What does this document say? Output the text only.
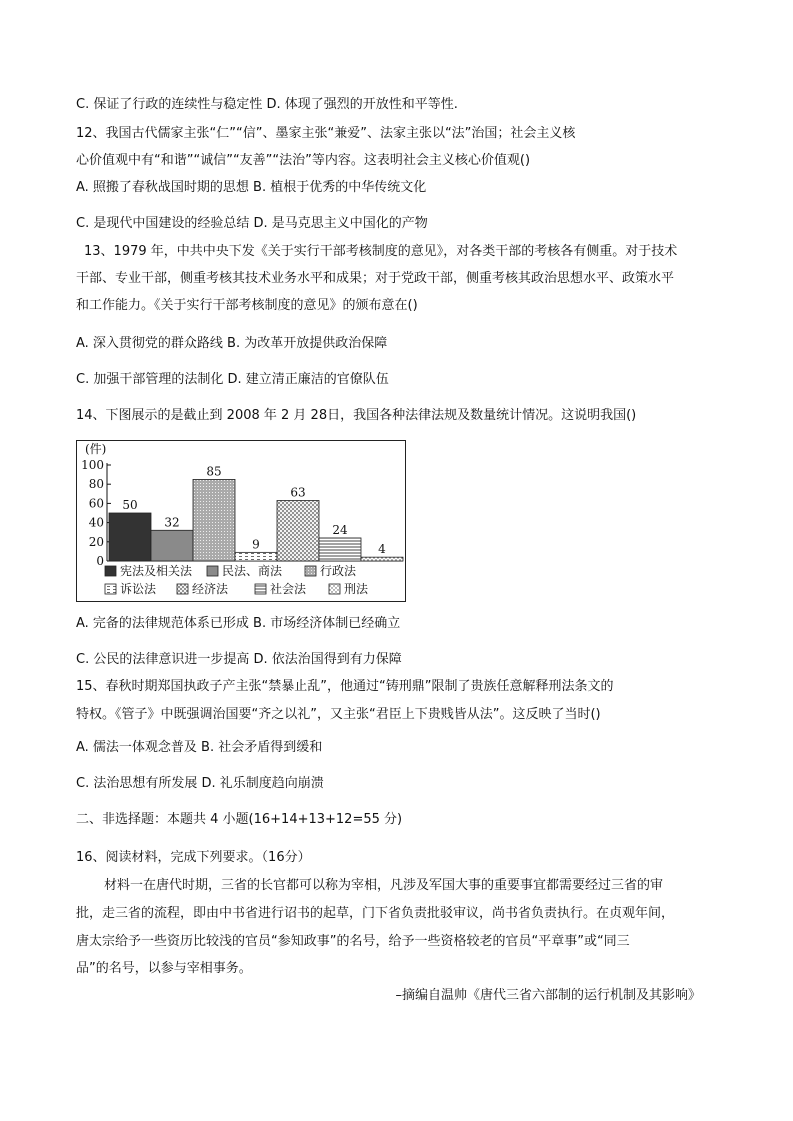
C. 保证了行政的连续性与稳定性 D. 体现了强烈的开放性和平等性.
12、我国古代儒家主张“仁”“信”、墨家主张“兼爱”、法家主张以“法”治国；社会主义核
心价值观中有“和谐”“诚信”“友善”“法治”等内容。这表明社会主义核心价值观()
A. 照搬了春秋战国时期的思想 B. 植根于优秀的中华传统文化
C. 是现代中国建设的经验总结 D. 是马克思主义中国化的产物
13、1979 年，中共中央下发《关于实行干部考核制度的意见》，对各类干部的考核各有侧重。对于技术
干部、专业干部，侧重考核其技术业务水平和成果；对于党政干部，侧重考核其政治思想水平、政策水平
和工作能力。《关于实行干部考核制度的意见》的颁布意在()
A. 深入贯彻党的群众路线 B. 为改革开放提供政治保障
C. 加强干部管理的法制化 D. 建立清正廉洁的官僚队伍
14、下图展示的是截止到 2008 年 2 月 28日，我国各种法律法规及数量统计情况。这说明我国()
(件)
100
80
60
40
20
0
50
32
85
9
63
24
4
宪法及相关法 民法、商法	行政法
诉讼法	经济法	社会法	刑法
A. 完备的法律规范体系已形成 B. 市场经济体制已经确立
C. 公民的法律意识进一步提高 D. 依法治国得到有力保障
15、春秋时期郑国执政子产主张“禁暴止乱”，他通过“铸刑鼎”限制了贵族任意解释刑法条文的
特权。《管子》中既强调治国要“齐之以礼”，又主张“君臣上下贵贱皆从法”。这反映了当时()
A. 儒法一体观念普及 B. 社会矛盾得到缓和
C. 法治思想有所发展 D. 礼乐制度趋向崩溃
二、非选择题：本题共 4 小题(16+14+13+12=55 分)
16、阅读材料，完成下列要求。（16分）
材料一在唐代时期，三省的长官都可以称为宰相，凡涉及军国大事的重要事宜都需要经过三省的审
批，走三省的流程，即由中书省进行诏书的起草，门下省负责批驳审议，尚书省负责执行。在贞观年间，
唐太宗给予一些资历比较浅的官员“参知政事”的名号，给予一些资格较老的官员“平章事”或“同三
品”的名号，以参与宰相事务。
–摘编自温帅《唐代三省六部制的运行机制及其影响》
